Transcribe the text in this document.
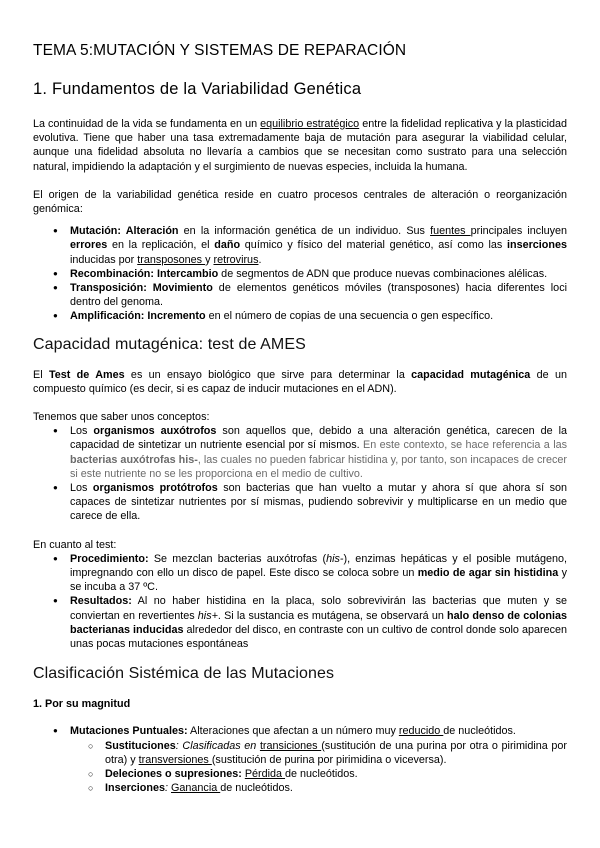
TEMA 5:MUTACIÓN Y SISTEMAS DE REPARACIÓN
1. Fundamentos de la Variabilidad Genética

La continuidad de la vida se fundamenta en un equilibrio estratégico entre la fidelidad replicativa y la plasticidad evolutiva. Tiene que haber una tasa extremadamente baja de mutación para asegurar la viabilidad celular, aunque una fidelidad absoluta no llevaría a cambios que se necesitan como sustrato para una selección natural, impidiendo la adaptación y el surgimiento de nuevas especies, incluida la humana.

El origen de la variabilidad genética reside en cuatro procesos centrales de alteración o reorganización genómica:

● Mutación: Alteración en la información genética de un individuo. Sus fuentes principales incluyen errores en la replicación, el daño químico y físico del material genético, así como las inserciones inducidas por transposones y retrovirus.
● Recombinación: Intercambio de segmentos de ADN que produce nuevas combinaciones alélicas.
● Transposición: Movimiento de elementos genéticos móviles (transposones) hacia diferentes loci dentro del genoma.
● Amplificación: Incremento en el número de copias de una secuencia o gen específico.
Capacidad mutagénica: test de AMES

El Test de Ames es un ensayo biológico que sirve para determinar la capacidad mutagénica de un compuesto químico (es decir, si es capaz de inducir mutaciones en el ADN).

Tenemos que saber unos conceptos:

● Los organismos auxótrofos son aquellos que, debido a una alteración genética, carecen de la capacidad de sintetizar un nutriente esencial por sí mismos. En este contexto, se hace referencia a las bacterias auxótrofas his-, las cuales no pueden fabricar histidina y, por tanto, son incapaces de crecer si este nutriente no se les proporciona en el medio de cultivo.
● Los organismos protótrofos son bacterias que han vuelto a mutar y ahora sí que ahora sí son capaces de sintetizar nutrientes por sí mismas, pudiendo sobrevivir y multiplicarse en un medio que carece de ella.

En cuanto al test:

● Procedimiento: Se mezclan bacterias auxótrofas (his-), enzimas hepáticas y el posible mutágeno, impregnando con ello un disco de papel. Este disco se coloca sobre un medio de agar sin histidina y se incuba a 37 ºC.
● Resultados: Al no haber histidina en la placa, solo sobrevivirán las bacterias que muten y se conviertan en revertientes his+. Si la sustancia es mutágena, se observará un halo denso de colonias bacterianas inducidas alrededor del disco, en contraste con un cultivo de control donde solo aparecen unas pocas mutaciones espontáneas
Clasificación Sistémica de las Mutaciones
1. Por su magnitud
● Mutaciones Puntuales: Alteraciones que afectan a un número muy reducido de nucleótidos.
○ Sustituciones: Clasificadas en transiciones (sustitución de una purina por otra o pirimidina por otra) y transversiones (sustitución de purina por pirimidina o viceversa).
○ Deleciones o supresiones: Pérdida de nucleótidos.
○ Inserciones: Ganancia de nucleótidos.
